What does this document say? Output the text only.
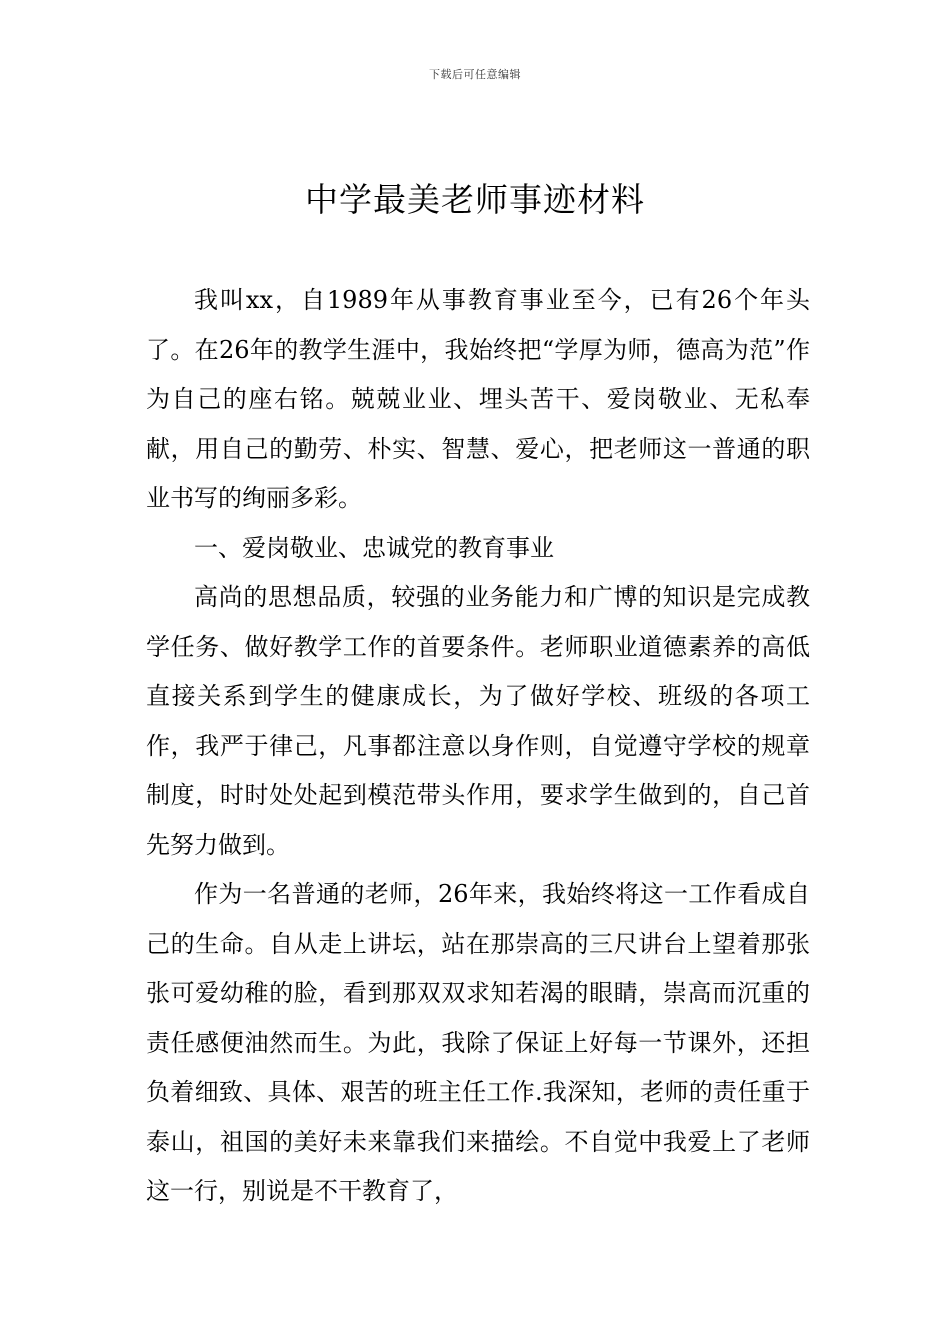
下载后可任意编辑
中学最美老师事迹材料

我叫xx，自1989年从事教育事业至今，已有26个年头了。在26年的教学生涯中，我始终把“学厚为师，德高为范”作为自己的座右铭。兢兢业业、埋头苦干、爱岗敬业、无私奉献，用自己的勤劳、朴实、智慧、爱心，把老师这一普通的职业书写的绚丽多彩。

一、爱岗敬业、忠诚党的教育事业

高尚的思想品质，较强的业务能力和广博的知识是完成教学任务、做好教学工作的首要条件。老师职业道德素养的高低直接关系到学生的健康成长，为了做好学校、班级的各项工作，我严于律己，凡事都注意以身作则，自觉遵守学校的规章制度，时时处处起到模范带头作用，要求学生做到的，自己首先努力做到。

作为一名普通的老师，26年来，我始终将这一工作看成自己的生命。自从走上讲坛，站在那崇高的三尺讲台上望着那张张可爱幼稚的脸，看到那双双求知若渴的眼睛，崇高而沉重的责任感便油然而生。为此，我除了保证上好每一节课外，还担负着细致、具体、艰苦的班主任工作.我深知，老师的责任重于泰山，祖国的美好未来靠我们来描绘。不自觉中我爱上了老师这一行，别说是不干教育了，
